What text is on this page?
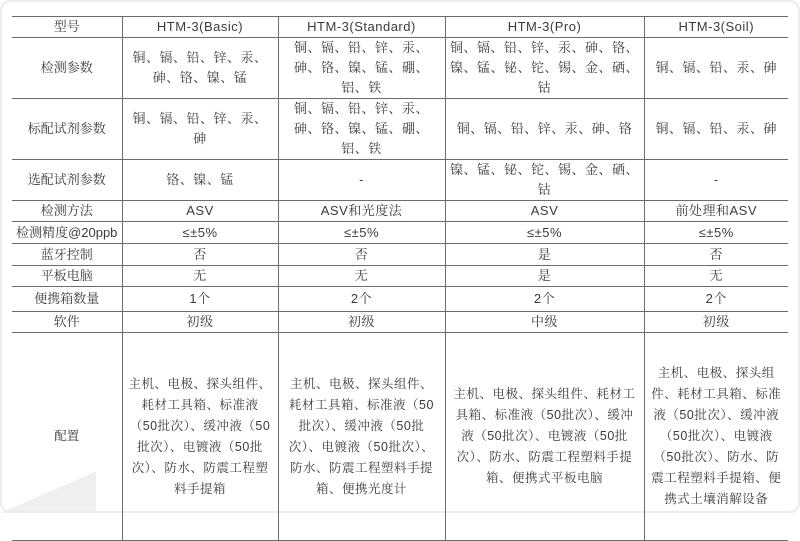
型号	HTM-3(Basic)	HTM-3(Standard)	HTM-3(Pro)	HTM-3(Soil)
检测参数	铜、镉、铅、锌、汞、砷、铬、镍、锰	铜、镉、铅、锌、汞、砷、铬、镍、锰、硼、铝、铁	铜、镉、铅、锌、汞、砷、铬、镍、锰、铋、铊、锡、金、硒、钴	铜、镉、铅、汞、砷
标配试剂参数	铜、镉、铅、锌、汞、砷	铜、镉、铅、锌、汞、砷、铬、镍、锰、硼、铝、铁	铜、镉、铅、锌、汞、砷、铬	铜、镉、铅、汞、砷
选配试剂参数	铬、镍、锰	-	镍、锰、铋、铊、锡、金、硒、钴	-
检测方法	ASV	ASV和光度法	ASV	前处理和ASV
检测精度@20ppb	≤±5%	≤±5%	≤±5%	≤±5%
蓝牙控制	否	否	是	否
平板电脑	无	无	是	无
便携箱数量	1个	2个	2个	2个
软件	初级	初级	中级	初级
配置	主机、电极、探头组件、耗材工具箱、标准液（50批次）、缓冲液（50批次）、电镀液（50批次）、防水、防震工程塑料手提箱	主机、电极、探头组件、耗材工具箱、标准液（50批次）、缓冲液（50批次）、电镀液（50批次）、防水、防震工程塑料手提箱、便携光度计	主机、电极、探头组件、耗材工具箱、标准液（50批次）、缓冲液（50批次）、电镀液（50批次）、防水、防震工程塑料手提箱、便携式平板电脑	主机、电极、探头组件、耗材工具箱、标准液（50批次）、缓冲液（50批次）、电镀液（50批次）、防水、防震工程塑料手提箱、便携式土壤消解设备
